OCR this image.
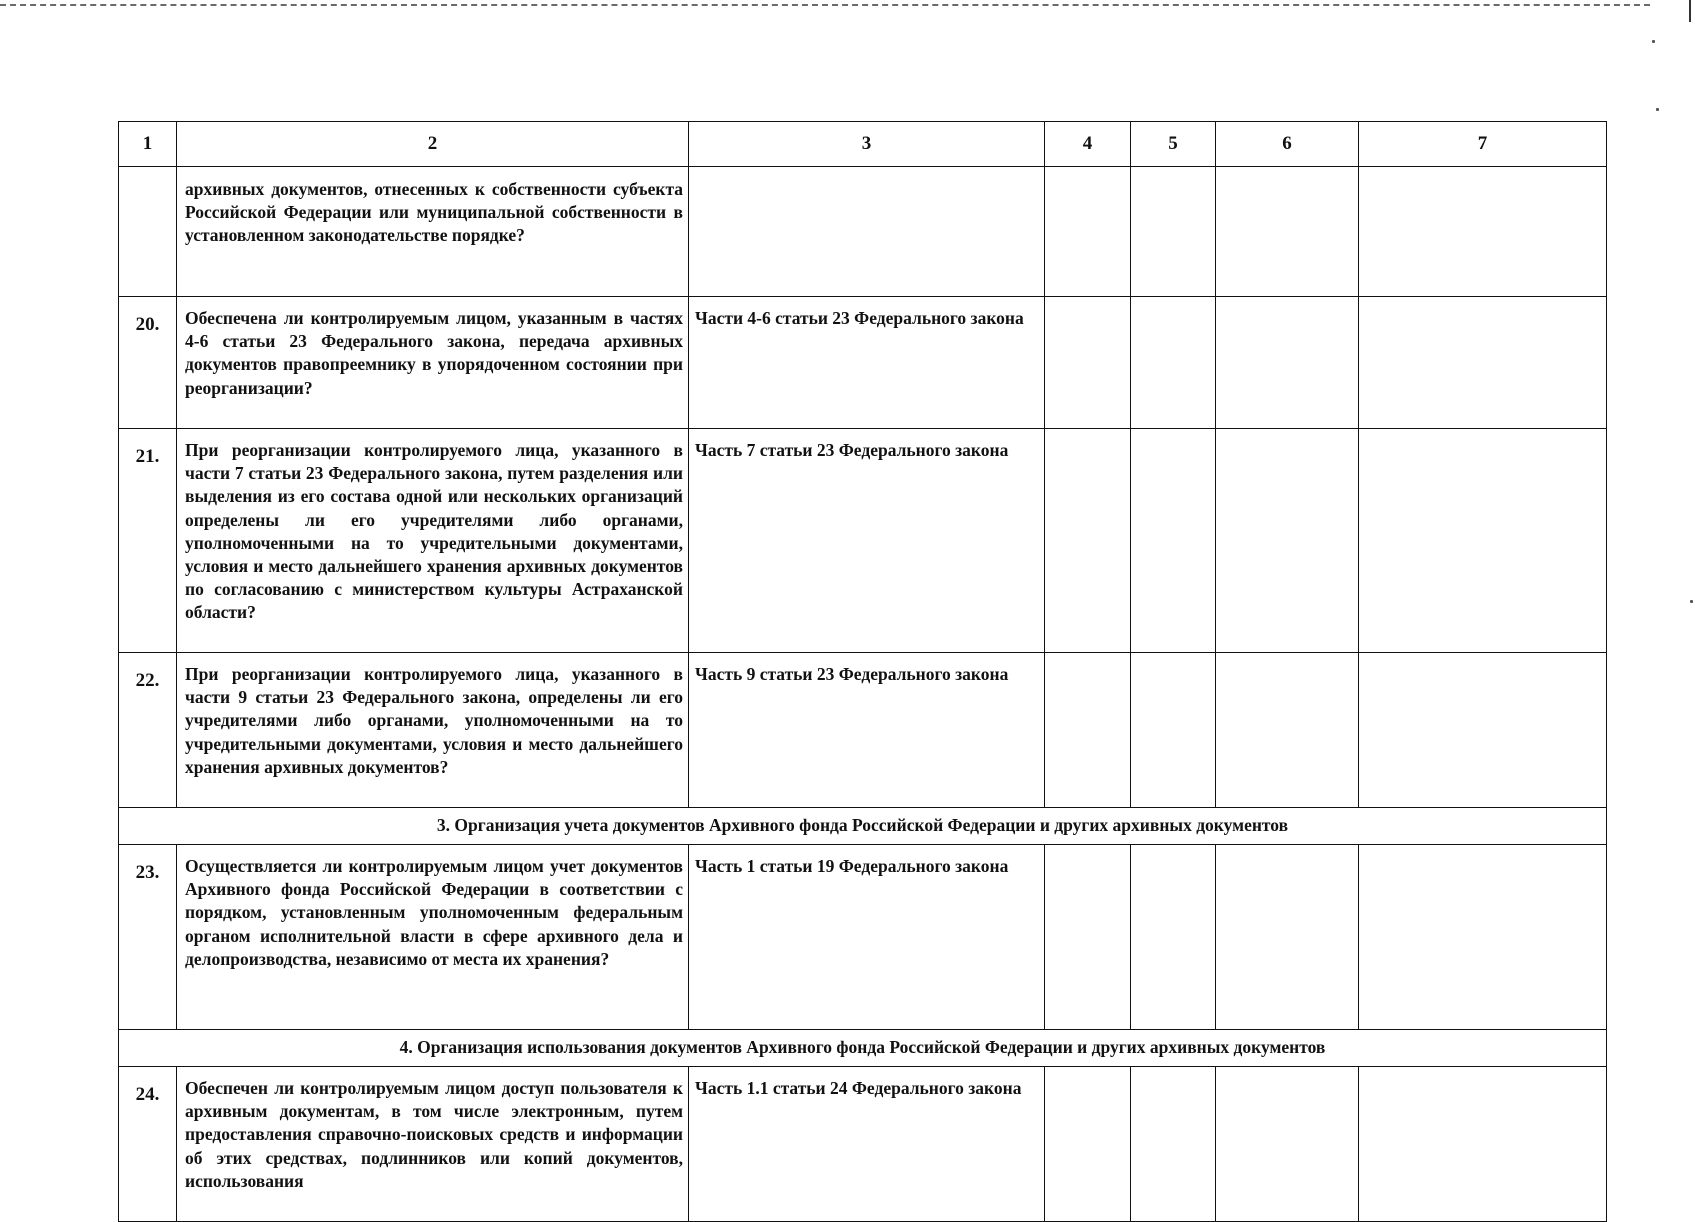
1	2	3	4	5	6	7
	архивных документов, отнесенных к собственности субъекта Российской Федерации или муниципальной собственности в установленном законодательстве порядке?					
20.	Обеспечена ли контролируемым лицом, указанным в частях 4-6 статьи 23 Федерального закона, передача архивных документов правопреемнику в упорядоченном состоянии при реорганизации?	Части 4-6 статьи 23 Федерального закона				
21.	При реорганизации контролируемого лица, указанного в части 7 статьи 23 Федерального закона, путем разделения или выделения из его состава одной или нескольких организаций определены ли его учредителями либо органами, уполномоченными на то учредительными документами, условия и место дальнейшего хранения архивных документов по согласованию с министерством культуры Астраханской области?	Часть 7 статьи 23 Федерального закона				
22.	При реорганизации контролируемого лица, указанного в части 9 статьи 23 Федерального закона, определены ли его учредителями либо органами, уполномоченными на то учредительными документами, условия и место дальнейшего хранения архивных документов?	Часть 9 статьи 23 Федерального закона				
3. Организация учета документов Архивного фонда Российской Федерации и других архивных документов						
23.	Осуществляется ли контролируемым лицом учет документов Архивного фонда Российской Федерации в соответствии с порядком, установленным уполномоченным федеральным органом исполнительной власти в сфере архивного дела и делопроизводства, независимо от места их хранения?	Часть 1 статьи 19 Федерального закона				
4. Организация использования документов Архивного фонда Российской Федерации и других архивных документов						
24.	Обеспечен ли контролируемым лицом доступ пользователя к архивным документам, в том числе электронным, путем предоставления справочно-поисковых средств и информации об этих средствах, подлинников или копий документов, использования	Часть 1.1 статьи 24 Федерального закона				
